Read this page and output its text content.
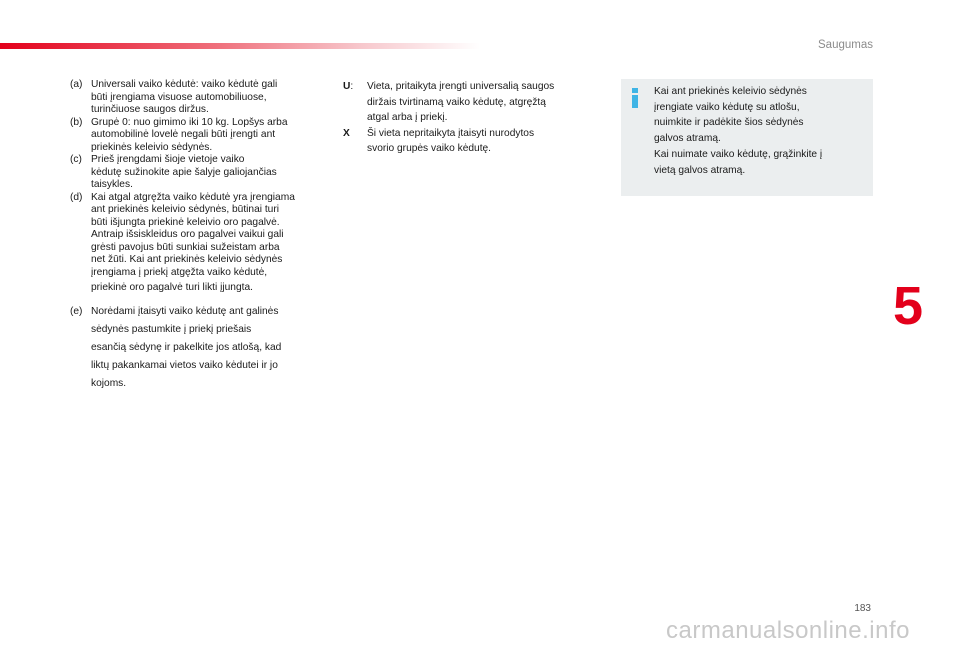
Saugumas
(a) Universali vaiko kėdutė: vaiko kėdutė gali
būti įrengiama visuose automobiliuose,
turinčiuose saugos diržus.
(b) Grupė 0: nuo gimimo iki 10 kg. Lopšys arba
automobilinė lovelė negali būti įrengti ant
priekinės keleivio sėdynės.
(c) Prieš įrengdami šioje vietoje vaiko
kėdutę sužinokite apie šalyje galiojančias
taisykles.
(d) Kai atgal atgręžta vaiko kėdutė yra įrengiama
ant priekinės keleivio sėdynės, būtinai turi
būti išjungta priekinė keleivio oro pagalvė.
Antraip išsiskleidus oro pagalvei vaikui gali
grėsti pavojus būti sunkiai sužeistam arba
net žūti. Kai ant priekinės keleivio sėdynės
įrengiama į priekį atgęžta vaiko kėdutė,
priekinė oro pagalvė turi likti įjungta.
(e) Norėdami įtaisyti vaiko kėdutę ant galinės
sėdynės pastumkite į priekį priešais
esančią sėdynę ir pakelkite jos atlošą, kad
liktų pakankamai vietos vaiko kėdutei ir jo
kojoms.
U:	Vieta, pritaikyta įrengti universalią saugos
diržais tvirtinamą vaiko kėdutę, atgręžtą
atgal arba į priekį.
X	Ši vieta nepritaikyta įtaisyti nurodytos
svorio grupės vaiko kėdutę.
Kai ant priekinės keleivio sėdynės
įrengiate vaiko kėdutę su atlošu,
nuimkite ir padėkite šios sėdynės
galvos atramą.
Kai nuimate vaiko kėdutę, grąžinkite į
vietą galvos atramą.
5
183
carmanualsonline.info
